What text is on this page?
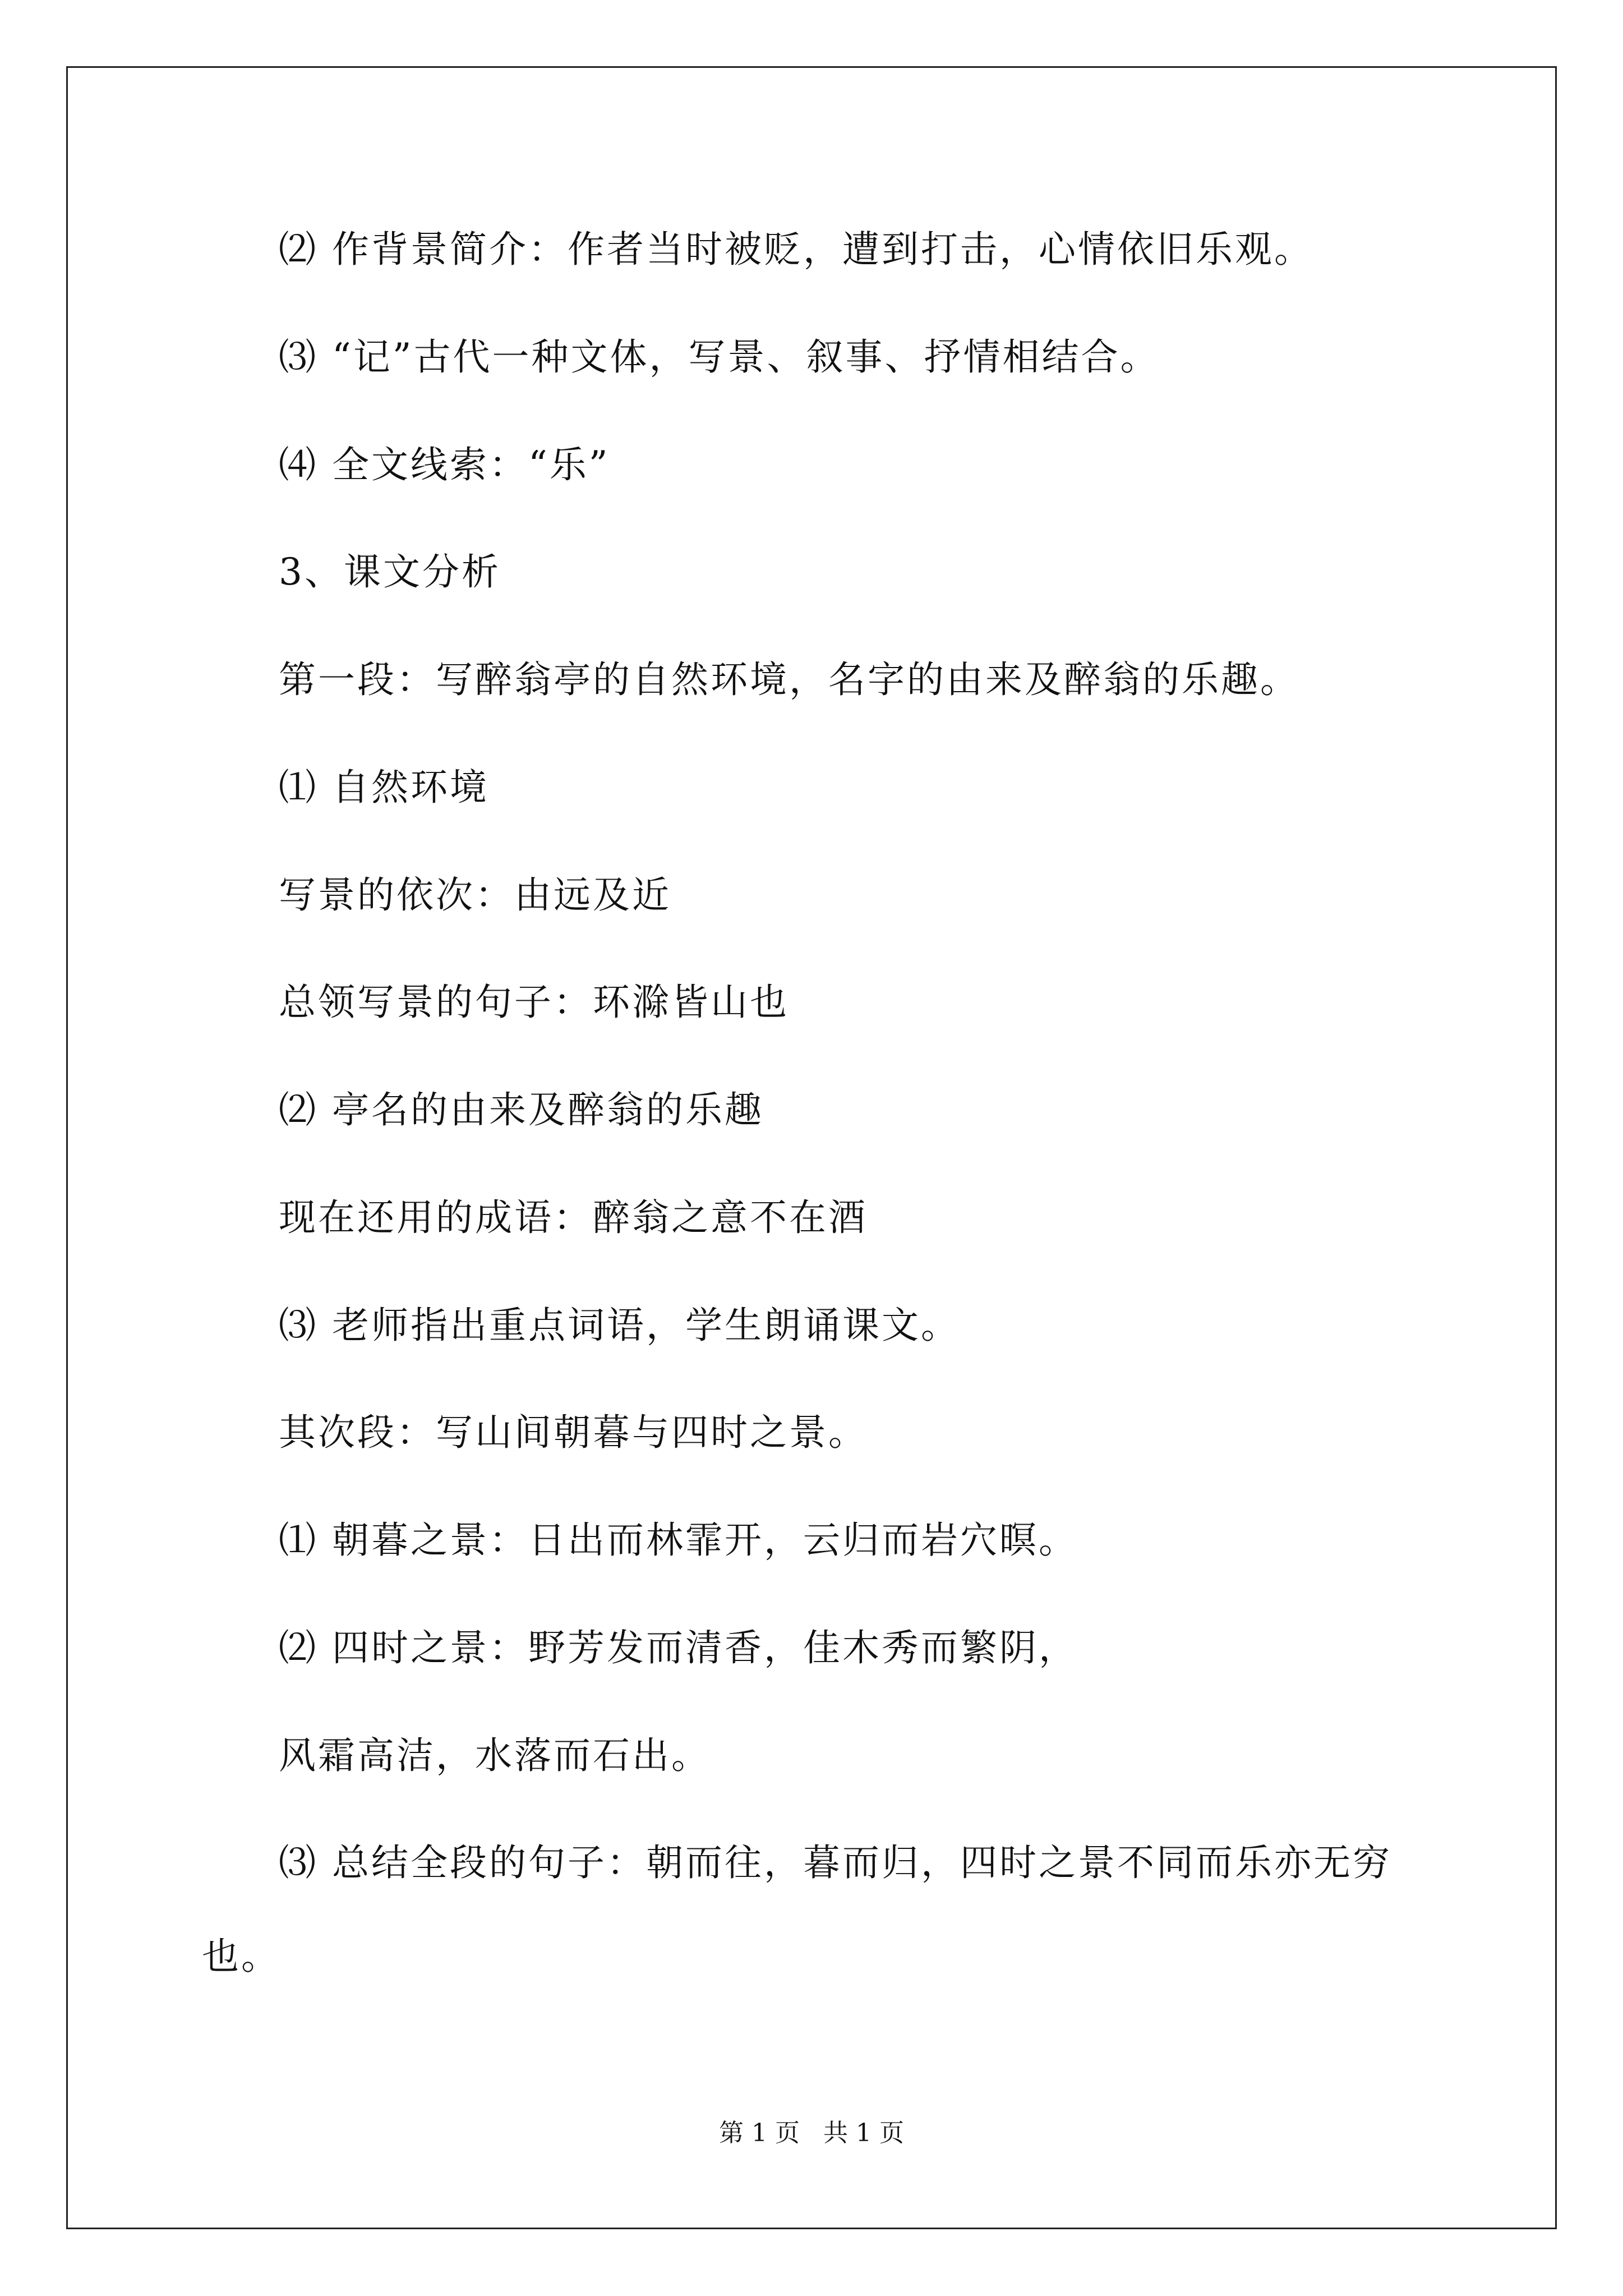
⑵ 作背景简介：作者当时被贬，遭到打击，心情依旧乐观。
⑶ “记”古代一种文体，写景、叙事、抒情相结合。
⑷ 全文线索：“乐”
3、课文分析
第一段：写醉翁亭的自然环境，名字的由来及醉翁的乐趣。
⑴ 自然环境
写景的依次：由远及近
总领写景的句子：环滁皆山也
⑵ 亭名的由来及醉翁的乐趣
现在还用的成语：醉翁之意不在酒
⑶ 老师指出重点词语，学生朗诵课文。
其次段：写山间朝暮与四时之景。
⑴ 朝暮之景：日出而林霏开，云归而岩穴暝。
⑵ 四时之景：野芳发而清香，佳木秀而繁阴，
风霜高洁，水落而石出。
⑶ 总结全段的句子：朝而往，暮而归，四时之景不同而乐亦无穷
也。
第 1 页 共 1 页
